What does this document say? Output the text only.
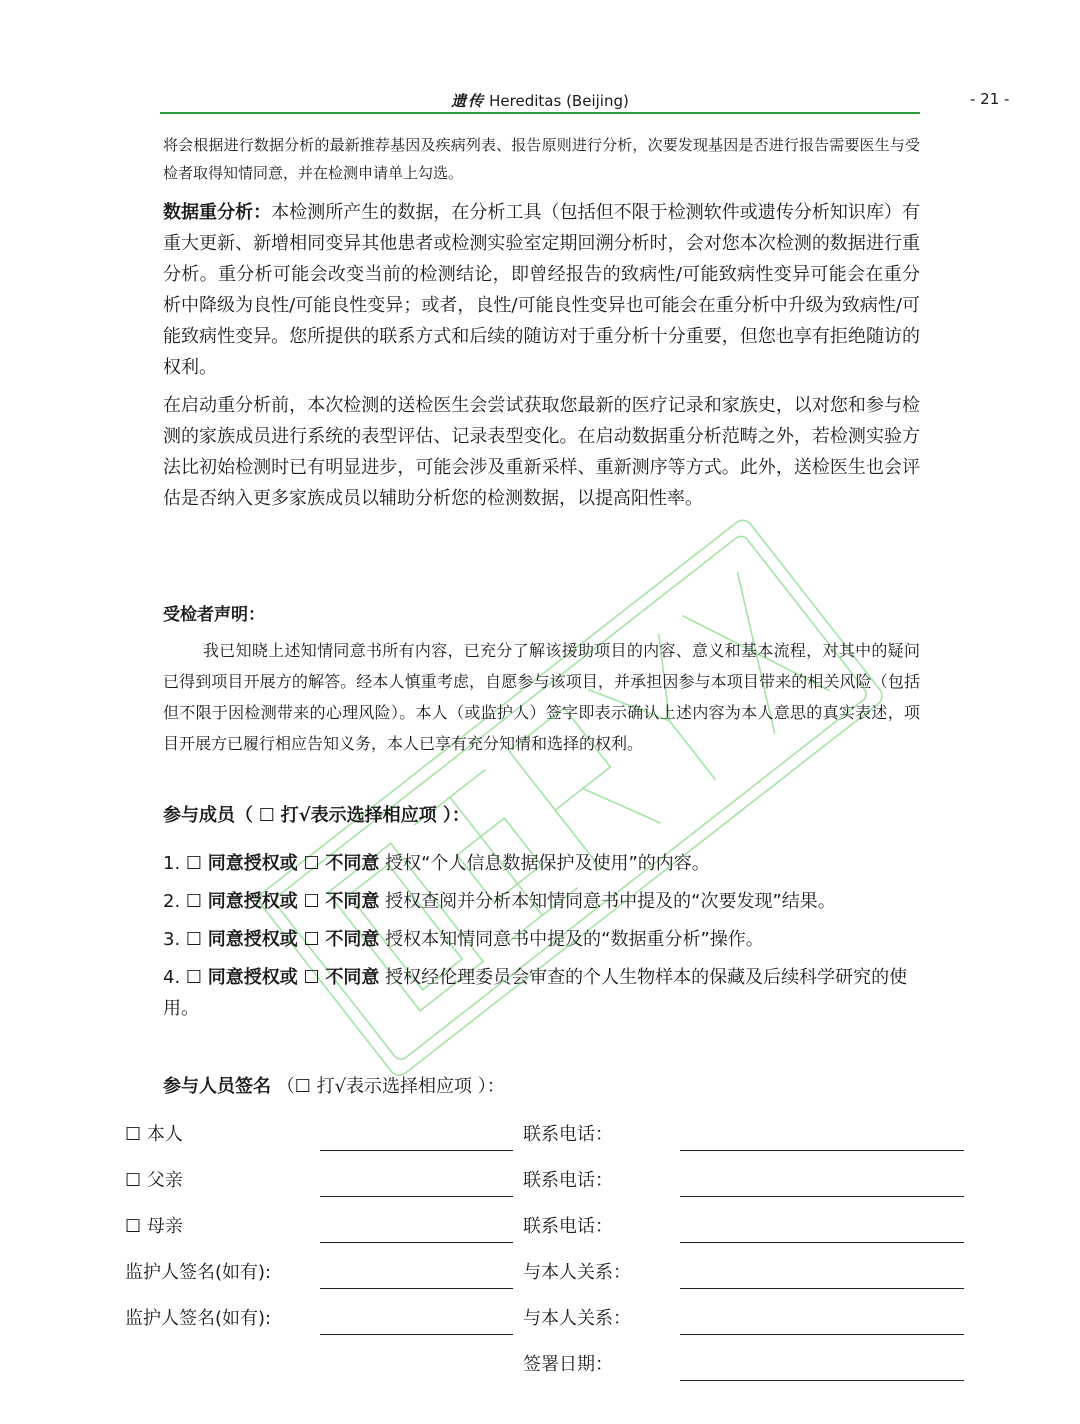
遗传 Hereditas (Beijing)	- 21 -
将会根据进行数据分析的最新推荐基因及疾病列表、报告原则进行分析，次要发现基因是否进行报告需要医生与受检者取得知情同意，并在检测申请单上勾选。
数据重分析：本检测所产生的数据，在分析工具（包括但不限于检测软件或遗传分析知识库）有重大更新、新增相同变异其他患者或检测实验室定期回溯分析时，会对您本次检测的数据进行重分析。重分析可能会改变当前的检测结论，即曾经报告的致病性/可能致病性变异可能会在重分析中降级为良性/可能良性变异；或者，良性/可能良性变异也可能会在重分析中升级为致病性/可能致病性变异。您所提供的联系方式和后续的随访对于重分析十分重要，但您也享有拒绝随访的权利。
在启动重分析前，本次检测的送检医生会尝试获取您最新的医疗记录和家族史，以对您和参与检测的家族成员进行系统的表型评估、记录表型变化。在启动数据重分析范畴之外，若检测实验方法比初始检测时已有明显进步，可能会涉及重新采样、重新测序等方式。此外，送检医生也会评估是否纳入更多家族成员以辅助分析您的检测数据，以提高阳性率。
受检者声明：
我已知晓上述知情同意书所有内容，已充分了解该援助项目的内容、意义和基本流程，对其中的疑问已得到项目开展方的解答。经本人慎重考虑，自愿参与该项目，并承担因参与本项目带来的相关风险（包括但不限于因检测带来的心理风险）。本人（或监护人）签字即表示确认上述内容为本人意思的真实表述，项目开展方已履行相应告知义务，本人已享有充分知情和选择的权利。
参与成员（ ☐ 打√表示选择相应项 ）：
1. ☐ 同意授权或 ☐ 不同意 授权“个人信息数据保护及使用”的内容。
2. ☐ 同意授权或 ☐ 不同意 授权查阅并分析本知情同意书中提及的“次要发现”结果。
3. ☐ 同意授权或 ☐ 不同意 授权本知情同意书中提及的“数据重分析”操作。
4. ☐ 同意授权或 ☐ 不同意 授权经伦理委员会审查的个人生物样本的保藏及后续科学研究的使用。
参与人员签名 （☐ 打√表示选择相应项 ）：
☐ 本人	联系电话：
☐ 父亲	联系电话：
☐ 母亲	联系电话：
监护人签名(如有):	与本人关系：
监护人签名(如有):	与本人关系：
签署日期：
